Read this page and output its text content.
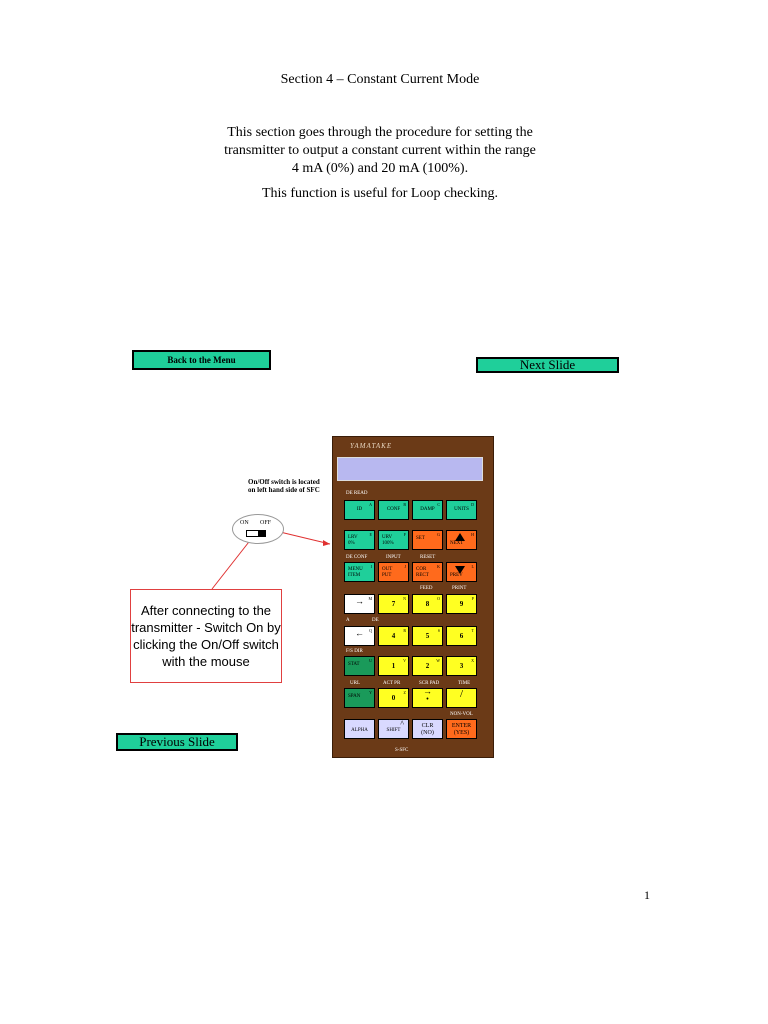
Section 4 – Constant Current Mode
This section goes through the procedure for setting the
transmitter to output a constant current within the range
4 mA (0%) and 20 mA (100%).
This function is useful for Loop checking.
Back to the Menu	Next Slide
Previous Slide
On/Off switch is located on left hand side of SFC
ON OFF
After connecting to the transmitter - Switch On by clicking the On/Off switch with the mouse
YAMATAKE
DE READ
A
ID
B
CONF
C
DAMP
D
UNITS
E
LRV
0%
F
URV
100%
G
SET
H
NEXT
DE CONF	INPUT	RESET
I
MENU
ITEM
J
OUT
PUT
K
COR
RECT
L
PREV
FEED	PRINT
M
→	N
7
O
8
P
9
A	DE
Q
←	R
4
S
5
T
6
F/S DIR
U
STAT
V
1
W
2
X
3
URL	ACT PR	SCR PAD	TIME
Y
SPAN
Z
0
→
•	/
NON-VOL
ALPHA
^
SHIFT
CLR
(NO)
ENTER
(YES)
S-SFC
1
